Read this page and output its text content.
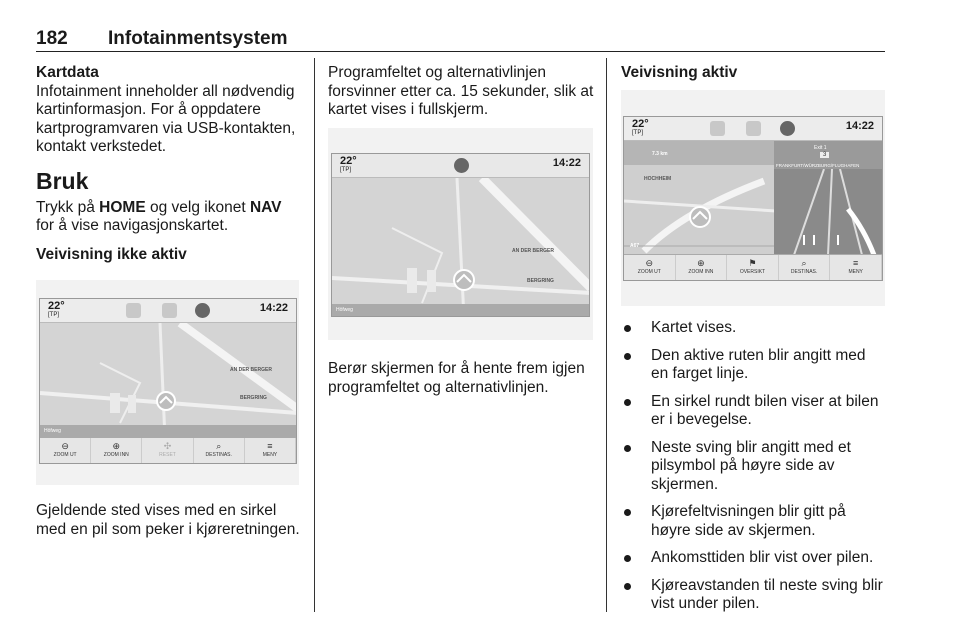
182 Infotainmentsystem

Kartdata

Infotainment inneholder all nødvendig kartinformasjon. For å oppdatere kartprogramvaren via USB-kontakten, kontakt verkstedet.

Bruk

Trykk på HOME og velg ikonet NAV for å vise navigasjonskartet.

Veivisning ikke aktiv

Gjeldende sted vises med en sirkel med en pil som peker i kjøreretningen.

22°
[TP]
14:22
AN DER BERGER
BERGRING
Höfweg
⊖
ZOOM UT
⊕
ZOOM INN
✣
RESET
⌕
DESTINAS.
≡
MENY

Programfeltet og alternativlinjen forsvinner etter ca. 15 sekunder, slik at kartet vises i fullskjerm.

22°
[TP]
14:22
AN DER BERGER
BERGRING
Höfweg

Berør skjermen for å hente frem igjen programfeltet og alternativlinjen.

Veivisning aktiv

22°
[TP]
14:22
7.3 km
HOCHHEIM
A67
Exit 1
3
FRANKFURT/WÜRZBURG/FLUGHAFEN
⊖
ZOOM UT
⊕
ZOOM INN
⚑
OVERSIKT
⌕
DESTINAS.
≡
MENY
Kartet vises.
Den aktive ruten blir angitt med en farget linje.
En sirkel rundt bilen viser at bilen er i bevegelse.
Neste sving blir angitt med et pilsymbol på høyre side av skjermen.
Kjørefeltvisningen blir gitt på høyre side av skjermen.
Ankomsttiden blir vist over pilen.
Kjøreavstanden til neste sving blir vist under pilen.
